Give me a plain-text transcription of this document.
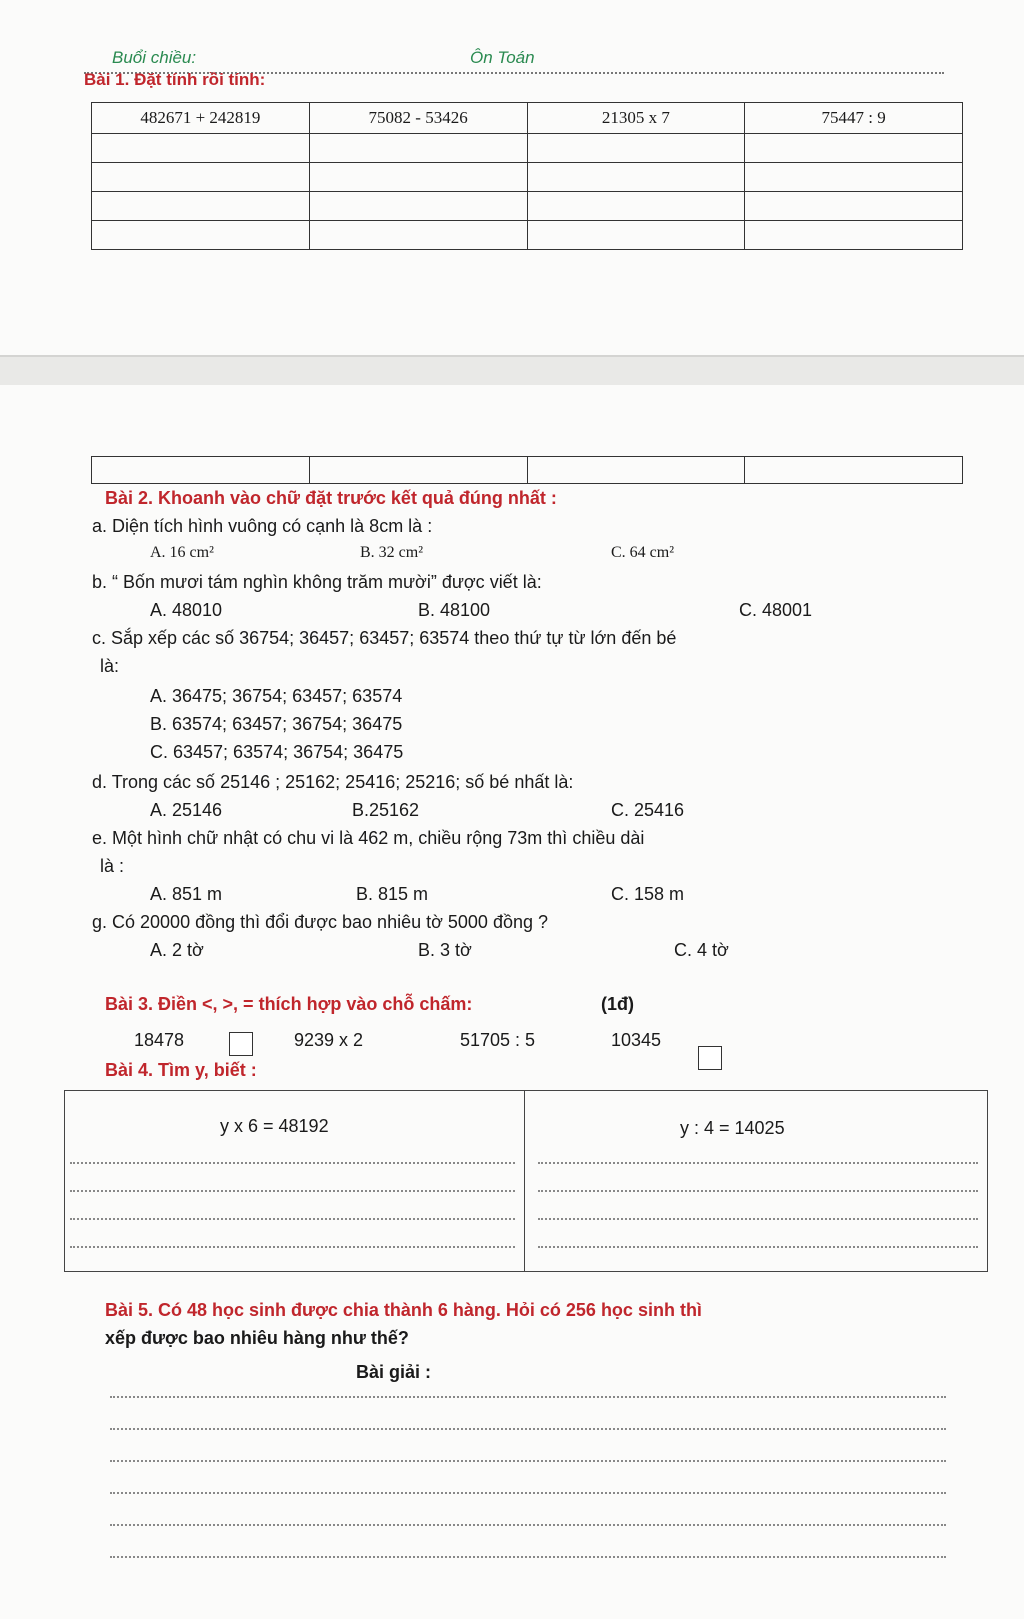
Buổi chiều:	Ôn Toán
Bài 1. Đặt tính rồi tính:
482671 + 242819	75082 - 53426	21305 x 7	75447 : 9

Bài 2. Khoanh vào chữ đặt trước kết quả đúng nhất :
a. Diện tích hình vuông có cạnh là 8cm là :
A. 16 cm²	B. 32 cm²	C. 64 cm²
b. “ Bốn mươi tám nghìn không trăm mười” được viết là:
A. 48010	B. 48100	C. 48001
c. Sắp xếp các số 36754; 36457; 63457; 63574 theo thứ tự từ lớn đến bé
là:
A. 36475; 36754; 63457; 63574
B. 63574; 63457; 36754; 36475
C. 63457; 63574; 36754; 36475
d. Trong các số 25146 ; 25162; 25416; 25216; số bé nhất là:
A. 25146	B.25162	C. 25416
e. Một hình chữ nhật có chu vi là 462 m, chiều rộng 73m thì chiều dài
là :
A. 851 m	B. 815 m	C. 158 m
g. Có 20000 đồng thì đổi được bao nhiêu tờ 5000 đồng ?
A. 2 tờ	B. 3 tờ	C. 4 tờ
Bài 3. Điền <, >, = thích hợp vào chỗ chấm:	(1đ)
18478	9239 x 2	51705 : 5	10345
Bài 4. Tìm y, biết :
y x 6 = 48192	y : 4 = 14025
Bài 5. Có 48 học sinh được chia thành 6 hàng. Hỏi có 256 học sinh thì
xếp được bao nhiêu hàng như thế?
Bài giải :
